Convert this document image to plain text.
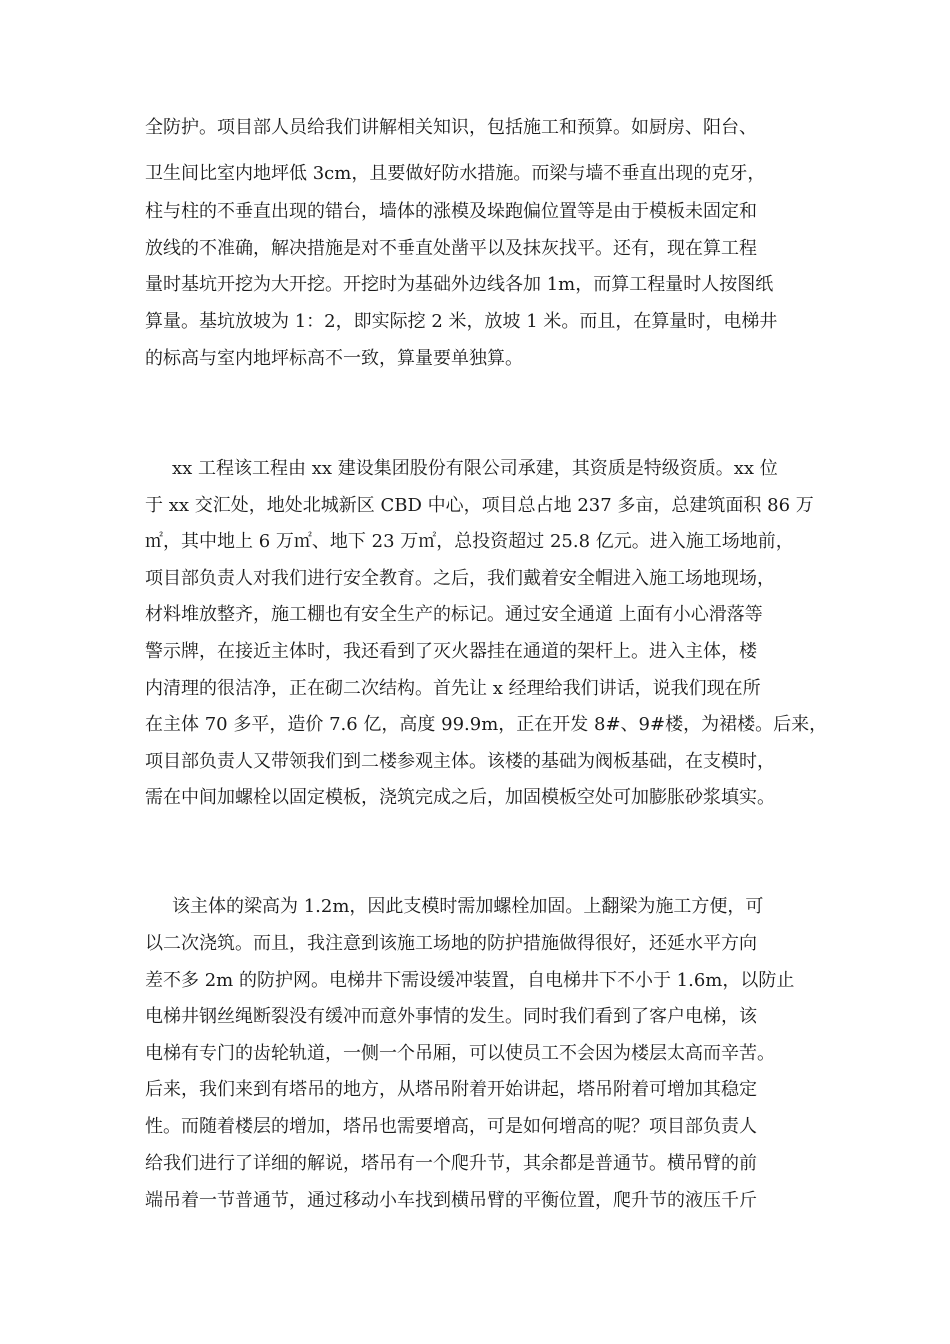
全防护。项目部人员给我们讲解相关知识，包括施工和预算。如厨房、阳台、
卫生间比室内地坪低 3cm，且要做好防水措施。而梁与墙不垂直出现的克牙，
柱与柱的不垂直出现的错台，墙体的涨模及垛跑偏位置等是由于模板未固定和
放线的不准确，解决措施是对不垂直处凿平以及抹灰找平。还有，现在算工程
量时基坑开挖为大开挖。开挖时为基础外边线各加 1m，而算工程量时人按图纸
算量。基坑放坡为 1：2，即实际挖 2 米，放坡 1 米。而且，在算量时，电梯井
的标高与室内地坪标高不一致，算量要单独算。
xx 工程该工程由 xx 建设集团股份有限公司承建，其资质是特级资质。xx 位
于 xx 交汇处，地处北城新区 CBD 中心，项目总占地 237 多亩，总建筑面积 86 万
㎡，其中地上 6 万㎡、地下 23 万㎡，总投资超过 25.8 亿元。进入施工场地前，
项目部负责人对我们进行安全教育。之后，我们戴着安全帽进入施工场地现场，
材料堆放整齐，施工棚也有安全生产的标记。通过安全通道 上面有小心滑落等
警示牌，在接近主体时，我还看到了灭火器挂在通道的架杆上。进入主体，楼
内清理的很洁净，正在砌二次结构。首先让 x 经理给我们讲话，说我们现在所
在主体 70 多平，造价 7.6 亿，高度 99.9m，正在开发 8#、9#楼，为裙楼。后来，
项目部负责人又带领我们到二楼参观主体。该楼的基础为阀板基础，在支模时，
需在中间加螺栓以固定模板，浇筑完成之后，加固模板空处可加膨胀砂浆填实。
该主体的梁高为 1.2m，因此支模时需加螺栓加固。上翻梁为施工方便，可
以二次浇筑。而且，我注意到该施工场地的防护措施做得很好，还延水平方向
差不多 2m 的防护网。电梯井下需设缓冲装置，自电梯井下不小于 1.6m，以防止
电梯井钢丝绳断裂没有缓冲而意外事情的发生。同时我们看到了客户电梯，该
电梯有专门的齿轮轨道，一侧一个吊厢，可以使员工不会因为楼层太高而辛苦。
后来，我们来到有塔吊的地方，从塔吊附着开始讲起，塔吊附着可增加其稳定
性。而随着楼层的增加，塔吊也需要增高，可是如何增高的呢？项目部负责人
给我们进行了详细的解说，塔吊有一个爬升节，其余都是普通节。横吊臂的前
端吊着一节普通节，通过移动小车找到横吊臂的平衡位置，爬升节的液压千斤
